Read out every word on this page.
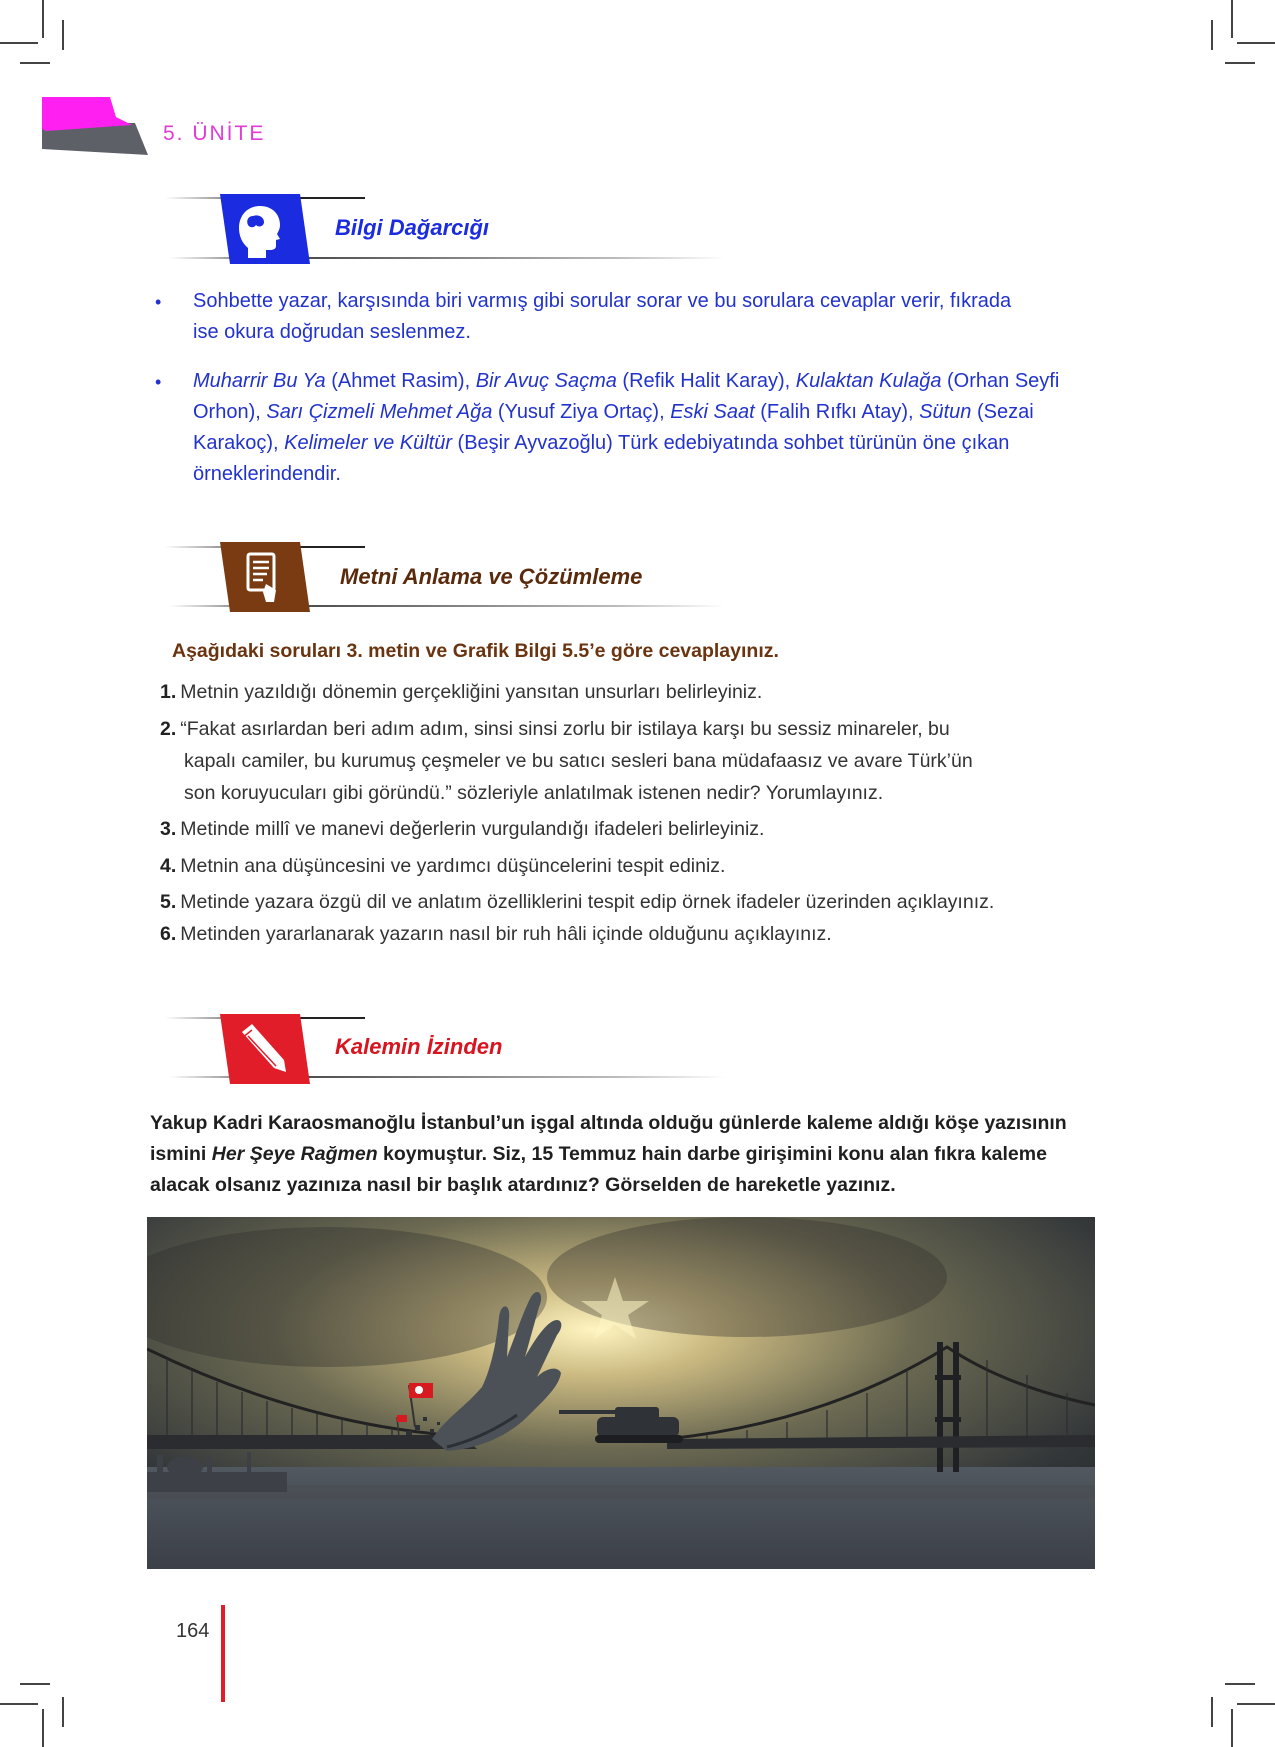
5. ÜNİTE
Bilgi Dağarcığı
• Sohbette yazar, karşısında biri varmış gibi sorular sorar ve bu sorulara cevaplar verir, fıkrada
ise okura doğrudan seslenmez.
• Muharrir Bu Ya (Ahmet Rasim), Bir Avuç Saçma (Refik Halit Karay), Kulaktan Kulağa (Orhan Seyfi Orhon), Sarı Çizmeli Mehmet Ağa (Yusuf Ziya Ortaç), Eski Saat (Falih Rıfkı Atay), Sütun (Sezai Karakoç), Kelimeler ve Kültür (Beşir Ayvazoğlu) Türk edebiyatında sohbet türünün öne çıkan örneklerindendir.
Metni Anlama ve Çözümleme
Aşağıdaki soruları 3. metin ve Grafik Bilgi 5.5’e göre cevaplayınız.
1. Metnin yazıldığı dönemin gerçekliğini yansıtan unsurları belirleyiniz.
2. “Fakat asırlardan beri adım adım, sinsi sinsi zorlu bir istilaya karşı bu sessiz minareler, bu
kapalı camiler, bu kurumuş çeşmeler ve bu satıcı sesleri bana müdafaasız ve avare Türk’ün
son koruyucuları gibi göründü.” sözleriyle anlatılmak istenen nedir? Yorumlayınız.
3. Metinde millî ve manevi değerlerin vurgulandığı ifadeleri belirleyiniz.
4. Metnin ana düşüncesini ve yardımcı düşüncelerini tespit ediniz.
5. Metinde yazara özgü dil ve anlatım özelliklerini tespit edip örnek ifadeler üzerinden açıklayınız.
6. Metinden yararlanarak yazarın nasıl bir ruh hâli içinde olduğunu açıklayınız.
Kalemin İzinden
Yakup Kadri Karaosmanoğlu İstanbul’un işgal altında olduğu günlerde kaleme aldığı köşe yazısının ismini Her Şeye Rağmen koymuştur. Siz, 15 Temmuz hain darbe girişimini konu alan fıkra kaleme alacak olsanız yazınıza nasıl bir başlık atardınız? Görselden de hareketle yazınız.
164
